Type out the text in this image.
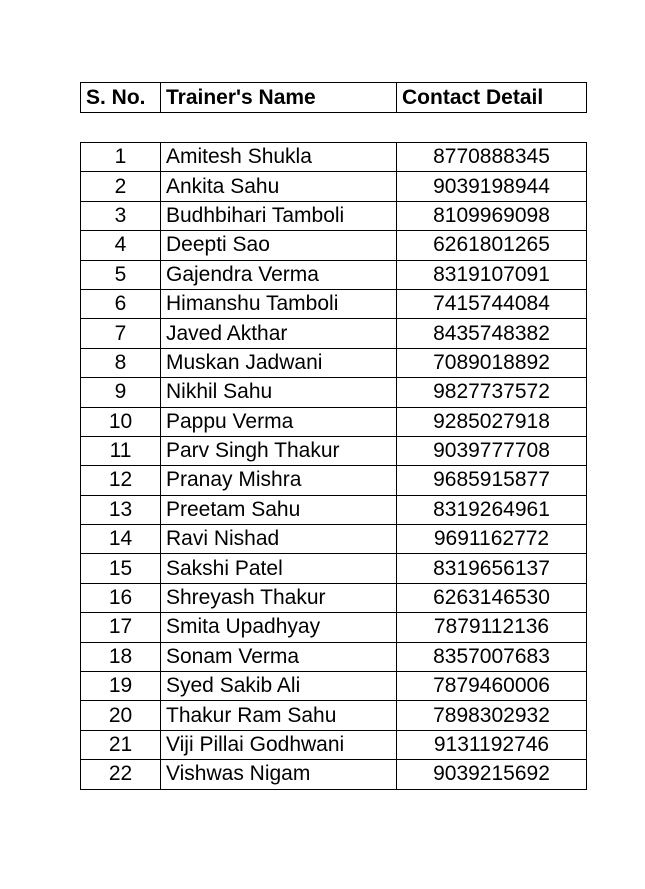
S. No.	Trainer's Name	Contact Detail
1	Amitesh Shukla	8770888345
2	Ankita Sahu	9039198944
3	Budhbihari Tamboli	8109969098
4	Deepti Sao	6261801265
5	Gajendra Verma	8319107091
6	Himanshu Tamboli	7415744084
7	Javed Akthar	8435748382
8	Muskan Jadwani	7089018892
9	Nikhil Sahu	9827737572
10	Pappu Verma	9285027918
11	Parv Singh Thakur	9039777708
12	Pranay Mishra	9685915877
13	Preetam Sahu	8319264961
14	Ravi Nishad	9691162772
15	Sakshi Patel	8319656137
16	Shreyash Thakur	6263146530
17	Smita Upadhyay	7879112136
18	Sonam Verma	8357007683
19	Syed Sakib Ali	7879460006
20	Thakur Ram Sahu	7898302932
21	Viji Pillai Godhwani	9131192746
22	Vishwas Nigam	9039215692
